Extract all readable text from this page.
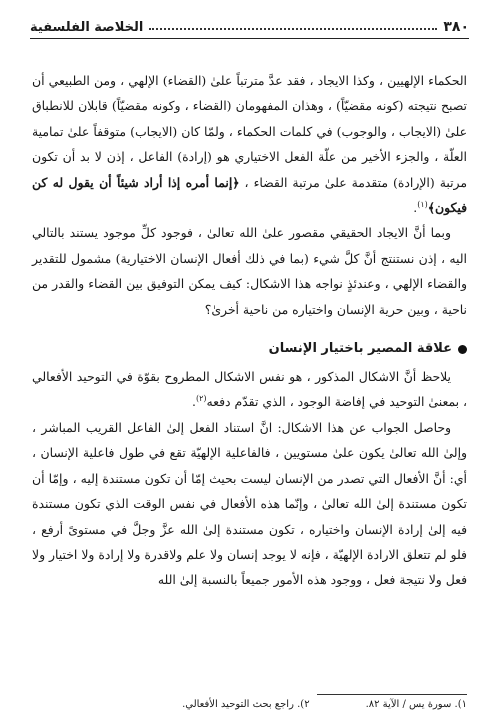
٣٨٠
الخلاصة الفلسفية

الحكماء الإلهيين ، وكذا الايجاد ، فقد عدَّ مترتباً علىٰ (القضاء) الإلهي ، ومن الطبيعي أن تصبح نتيجته (كونه مقضيّاً) ، وهذان المفهومان (القضاء ، وكونه مقضيّاً) قابلان للانطباق علىٰ (الايجاب ، والوجوب) في كلمات الحكماء ، ولمّا كان (الايجاب) متوقفاً علىٰ تمامية العلّة ، والجزء الأخير من علّة الفعل الاختياري هو (إرادة) الفاعل ، إذن لا بد أن تكون مرتبة (الإرادة) متقدمة علىٰ مرتبة القضاء ، ﴿إنما أمره إذا أراد شيئاً أن يقول له كن فيكون﴾$^{(١)}$.

وبما أنَّ الايجاد الحقيقي مقصور علىٰ الله تعالىٰ ، فوجود كلِّ موجود يستند بالتالي اليه ، إذن نستنتج أنَّ كلَّ شيء (بما في ذلك أفعال الإنسان الاختيارية) مشمول للتقدير والقضاء الإلهي ، وعندئذٍ نواجه هذا الاشكال: كيف يمكن التوفيق بين القضاء والقدر من ناحية ، وبين حرية الإنسان واختياره من ناحية أخرىٰ؟

علاقة المصير باختيار الإنسان

يلاحظ أنَّ الاشكال المذكور ، هو نفس الاشكال المطروح بقوّة في التوحيد الأفعالي ، بمعنىٰ التوحيد في إفاضة الوجود ، الذي تقدّم دفعه$^{(٢)}$.

وحاصل الجواب عن هذا الاشكال: انَّ استناد الفعل إلىٰ الفاعل القريب المباشر ، وإلىٰ الله تعالىٰ يكون علىٰ مستويين ، فالفاعلية الإلهيّة تقع في طول فاعلية الإنسان ، أي: أنَّ الأفعال التي تصدر من الإنسان ليست بحيث إمّا أن تكون مستندة إليه ، وإمّا أن تكون مستندة إلىٰ الله تعالىٰ ، وإنّما هذه الأفعال في نفس الوقت الذي تكون مستندة فيه إلىٰ إرادة الإنسان واختياره ، تكون مستندة إلىٰ الله عزَّ وجلَّ في مستوىً أرفع ، فلو لم تتعلق الارادة الإلهيّة ، فإنه لا يوجد إنسان ولا علم ولاقدرة ولا إرادة ولا اختيار ولا فعل ولا نتيجة فعل ، ووجود هذه الأمور جميعاً بالنسبة إلىٰ الله

١). سورة يس / الآية ٨٢.
٢). راجع بحث التوحيد الأفعالي.
